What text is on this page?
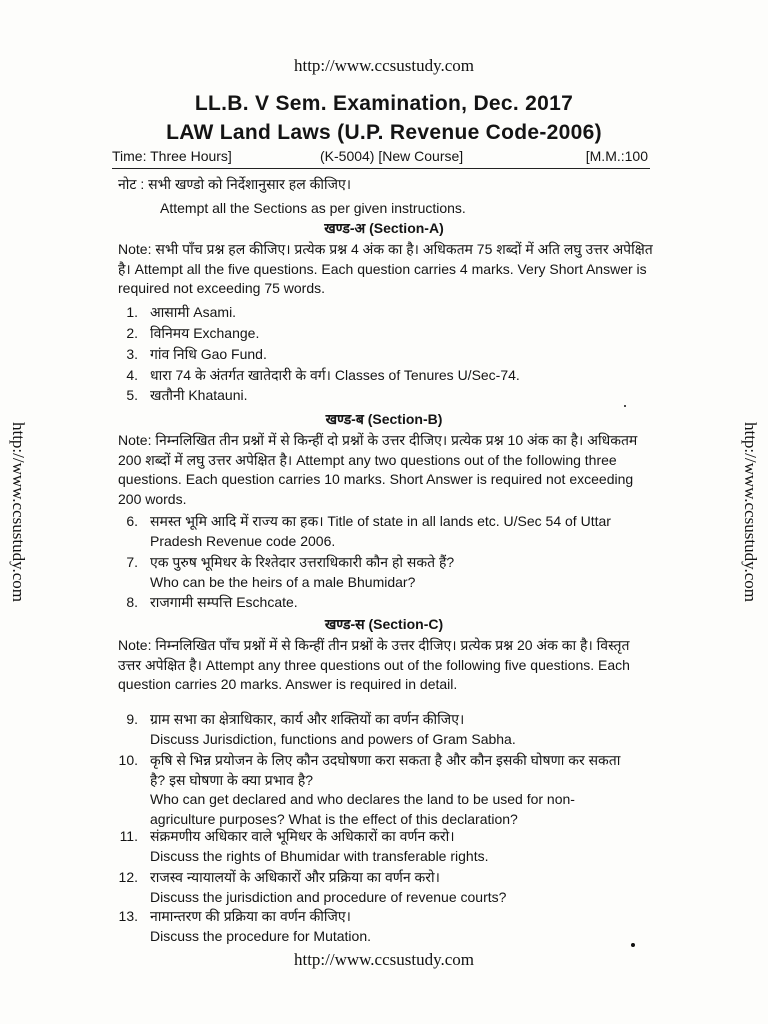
http://www.ccsustudy.com
http://www.ccsustudy.com	http://www.ccsustudy.com
http://www.ccsustudy.com
LL.B. V Sem. Examination, Dec. 2017
LAW Land Laws (U.P. Revenue Code-2006)
Time: Three Hours]	(K-5004) [New Course]	[M.M.:100
नोट : सभी खण्डो को निर्देशानुसार हल कीजिए।
Attempt all the Sections as per given instructions.
खण्ड-अ (Section-A)
Note: सभी पाँच प्रश्न हल कीजिए। प्रत्येक प्रश्न 4 अंक का है। अधिकतम 75 शब्दों में अति लघु उत्तर अपेक्षित है। Attempt all the five questions. Each question carries 4 marks. Very Short Answer is required not exceeding 75 words.
1. आसामी Asami.
2. विनिमय Exchange.
3. गांव निधि Gao Fund.
4. धारा 74 के अंतर्गत खातेदारी के वर्ग। Classes of Tenures U/Sec-74.
5. खतौनी Khatauni.
खण्ड-ब (Section-B)
Note: निम्नलिखित तीन प्रश्नों में से किन्हीं दो प्रश्नों के उत्तर दीजिए। प्रत्येक प्रश्न 10 अंक का है। अधिकतम 200 शब्दों में लघु उत्तर अपेक्षित है। Attempt any two questions out of the following three questions. Each question carries 10 marks. Short Answer is required not exceeding 200 words.
6. समस्त भूमि आदि में राज्य का हक। Title of state in all lands etc. U/Sec 54 of Uttar Pradesh Revenue code 2006.
7. एक पुरुष भूमिधर के रिश्तेदार उत्तराधिकारी कौन हो सकते हैं?
Who can be the heirs of a male Bhumidar?
8. राजगामी सम्पत्ति Eschcate.
खण्ड-स (Section-C)
Note: निम्नलिखित पाँच प्रश्नों में से किन्हीं तीन प्रश्नों के उत्तर दीजिए। प्रत्येक प्रश्न 20 अंक का है। विस्तृत उत्तर अपेक्षित है। Attempt any three questions out of the following five questions. Each question carries 20 marks. Answer is required in detail.
9. ग्राम सभा का क्षेत्राधिकार, कार्य और शक्तियों का वर्णन कीजिए।
Discuss Jurisdiction, functions and powers of Gram Sabha.
10. कृषि से भिन्न प्रयोजन के लिए कौन उदघोषणा करा सकता है और कौन इसकी घोषणा कर सकता है? इस घोषणा के क्या प्रभाव है?
Who can get declared and who declares the land to be used for non-agriculture purposes? What is the effect of this declaration?
11. संक्रमणीय अधिकार वाले भूमिधर के अधिकारों का वर्णन करो।
Discuss the rights of Bhumidar with transferable rights.
12. राजस्व न्यायालयों के अधिकारों और प्रक्रिया का वर्णन करो।
Discuss the jurisdiction and procedure of revenue courts?
13. नामान्तरण की प्रक्रिया का वर्णन कीजिए।
Discuss the procedure for Mutation.
